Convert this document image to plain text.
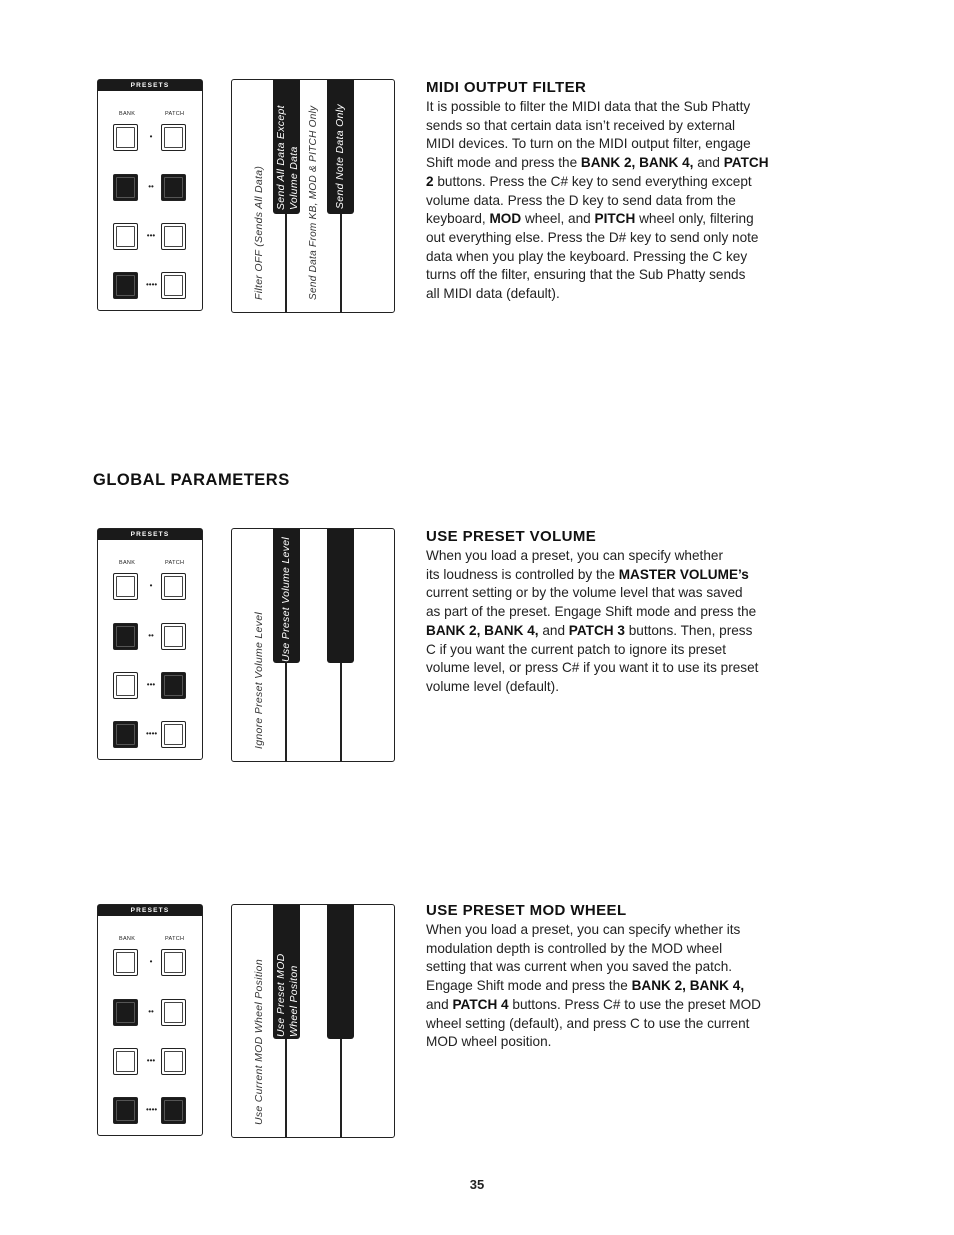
PRESETS
BANK	PATCH
•
••
•••
••••	Filter OFF (Sends All Data)
Send All Data Except Volume Data Send Data From KB, MOD & PITCH Only Send Note Data Only
MIDI OUTPUT FILTER

It is possible to filter the MIDI data that the Sub Phatty
sends so that certain data isn’t received by external
MIDI devices. To turn on the MIDI output filter, engage
Shift mode and press the BANK 2, BANK 4, and PATCH
2 buttons. Press the C# key to send everything except
volume data. Press the D key to send data from the
keyboard, MOD wheel, and PITCH wheel only, filtering
out everything else. Press the D# key to send only note
data when you play the keyboard. Pressing the C key
turns off the filter, ensuring that the Sub Phatty sends
all MIDI data (default).

GLOBAL PARAMETERS
PRESETS
BANK	PATCH
•
••
•••
••••	Ignore Preset Volume Level
Use Preset Volume Level
USE PRESET VOLUME

When you load a preset, you can specify whether
its loudness is controlled by the MASTER VOLUME’s
current setting or by the volume level that was saved
as part of the preset. Engage Shift mode and press the
BANK 2, BANK 4, and PATCH 3 buttons. Then, press
C if you want the current patch to ignore its preset
volume level, or press C# if you want it to use its preset
volume level (default).

PRESETS
BANK	PATCH
•
••
•••
••••	Use Current MOD Wheel Position Use Preset MOD Wheel Positon
USE PRESET MOD WHEEL

When you load a preset, you can specify whether its
modulation depth is controlled by the MOD wheel
setting that was current when you saved the patch.
Engage Shift mode and press the BANK 2, BANK 4,
and PATCH 4 buttons. Press C# to use the preset MOD
wheel setting (default), and press C to use the current
MOD wheel position.

35
